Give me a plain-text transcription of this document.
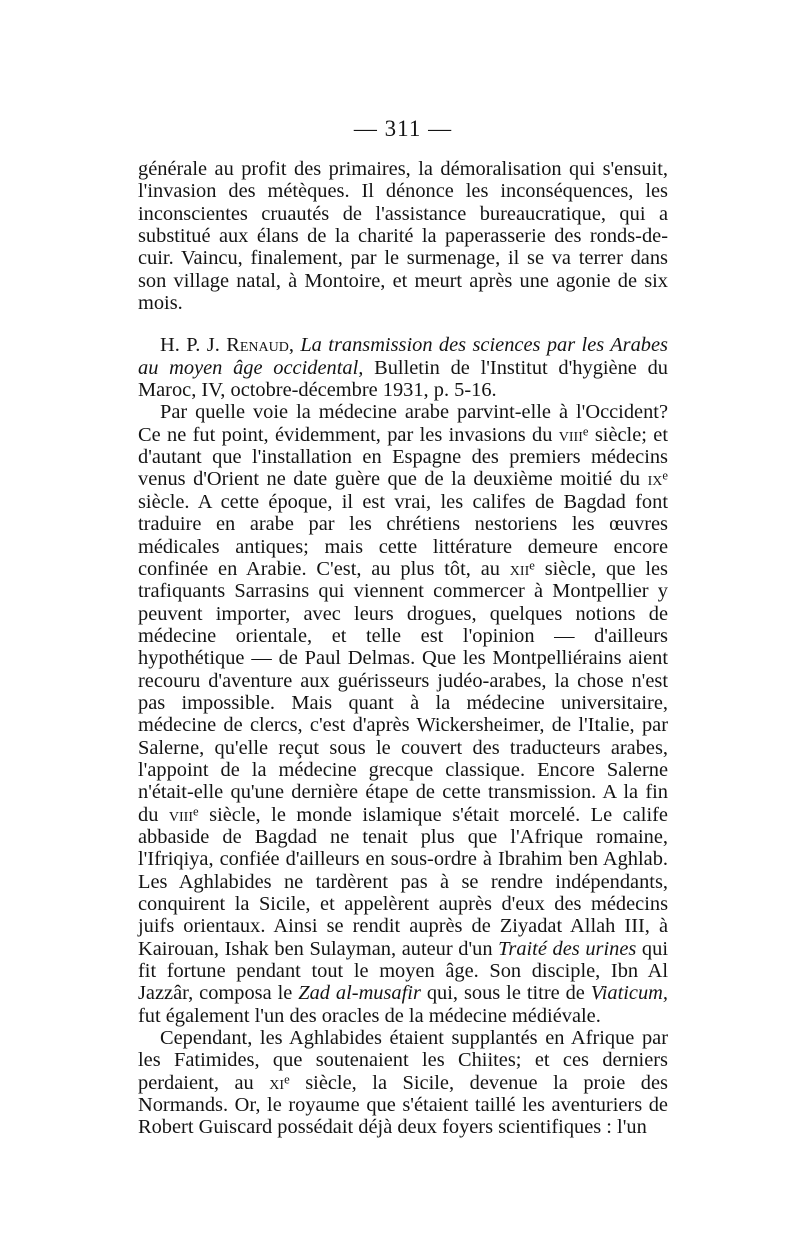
— 311 —

générale au profit des primaires, la démoralisation qui s'ensuit, l'invasion des métèques. Il dénonce les inconséquences, les inconscientes cruautés de l'assistance bureaucratique, qui a substitué aux élans de la charité la paperasserie des ronds-de-cuir. Vaincu, finalement, par le surmenage, il se va terrer dans son village natal, à Montoire, et meurt après une agonie de six mois.

H. P. J. Renaud, La transmission des sciences par les Arabes au moyen âge occidental, Bulletin de l'Institut d'hygiène du Maroc, IV, octobre-décembre 1931, p. 5-16.

Par quelle voie la médecine arabe parvint-elle à l'Occident? Ce ne fut point, évidemment, par les invasions du viii$^e$ siècle; et d'autant que l'installation en Espagne des premiers médecins venus d'Orient ne date guère que de la deuxième moitié du $ix^e$ siècle. A cette époque, il est vrai, les califes de Bagdad font traduire en arabe par les chrétiens nestoriens les œuvres médicales antiques; mais cette littérature demeure encore confinée en Arabie. C'est, au plus tôt, au xii$^e$ siècle, que les trafiquants Sarrasins qui viennent commercer à Montpellier y peuvent importer, avec leurs drogues, quelques notions de médecine orientale, et telle est l'opinion — d'ailleurs hypothétique — de Paul Delmas. Que les Montpelliérains aient recouru d'aventure aux guérisseurs judéo-arabes, la chose n'est pas impossible. Mais quant à la médecine universitaire, médecine de clercs, c'est d'après Wickersheimer, de l'Italie, par Salerne, qu'elle reçut sous le couvert des traducteurs arabes, l'appoint de la médecine grecque classique. Encore Salerne n'était-elle qu'une dernière étape de cette transmission. A la fin du viii$^e$ siècle, le monde islamique s'était morcelé. Le calife abbaside de Bagdad ne tenait plus que l'Afrique romaine, l'Ifriqiya, confiée d'ailleurs en sous-ordre à Ibrahim ben Aghlab. Les Aghlabides ne tardèrent pas à se rendre indépendants, conquirent la Sicile, et appelèrent auprès d'eux des médecins juifs orientaux. Ainsi se rendit auprès de Ziyadat Allah III, à Kairouan, Ishak ben Sulayman, auteur d'un Traité des urines qui fit fortune pendant tout le moyen âge. Son disciple, Ibn Al Jazzâr, composa le Zad al-musafir qui, sous le titre de Viaticum, fut également l'un des oracles de la médecine médiévale.

Cependant, les Aghlabides étaient supplantés en Afrique par les Fatimides, que soutenaient les Chiites; et ces derniers perdaient, au $xi^e$ siècle, la Sicile, devenue la proie des Normands. Or, le royaume que s'étaient taillé les aventuriers de Robert Guiscard possédait déjà deux foyers scientifiques : l'un
